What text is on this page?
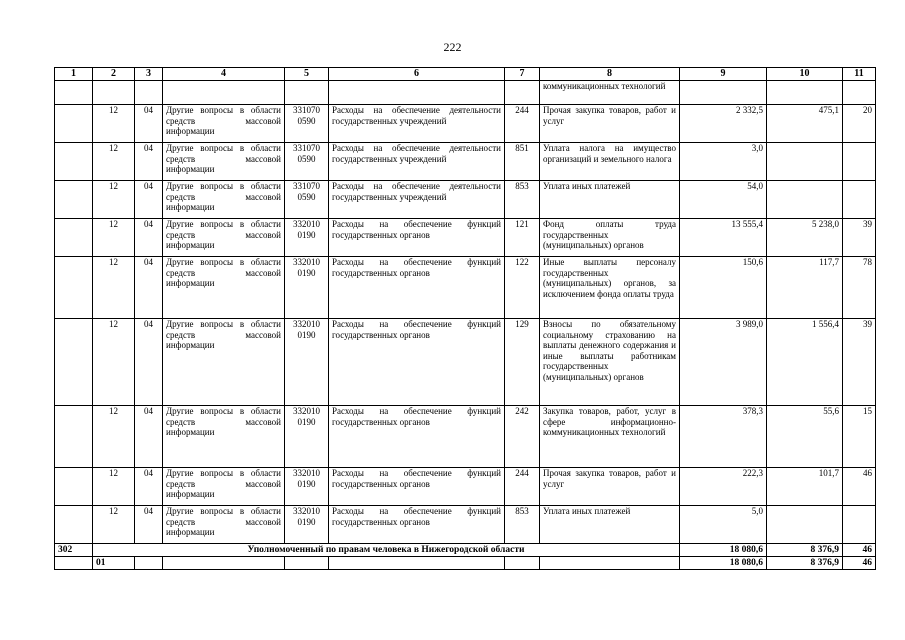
222
1	2	3	4	5	6	7	8	9	10	11
							коммуникационных технологий			
	12	04	Другие вопросы в области средств массовой информации	331070 0590	Расходы на обеспечение деятельности государственных учреждений	244	Прочая закупка товаров, работ и услуг	2 332,5	475,1	20
	12	04	Другие вопросы в области средств массовой информации	331070 0590	Расходы на обеспечение деятельности государственных учреждений	851	Уплата налога на имущество организаций и земельного налога	3,0		
	12	04	Другие вопросы в области средств массовой информации	331070 0590	Расходы на обеспечение деятельности государственных учреждений	853	Уплата иных платежей	54,0		
	12	04	Другие вопросы в области средств массовой информации	332010 0190	Расходы на обеспечение функций государственных органов	121	Фонд оплаты труда государственных (муниципальных) органов	13 555,4	5 238,0	39
	12	04	Другие вопросы в области средств массовой информации	332010 0190	Расходы на обеспечение функций государственных органов	122	Иные выплаты персоналу государственных (муниципальных) органов, за исключением фонда оплаты труда	150,6	117,7	78
	12	04	Другие вопросы в области средств массовой информации	332010 0190	Расходы на обеспечение функций государственных органов	129	Взносы по обязательному социальному страхованию на выплаты денежного содержания и иные выплаты работникам государственных (муниципальных) органов	3 989,0	1 556,4	39
	12	04	Другие вопросы в области средств массовой информации	332010 0190	Расходы на обеспечение функций государственных органов	242	Закупка товаров, работ, услуг в сфере информационно-коммуникационных технологий	378,3	55,6	15
	12	04	Другие вопросы в области средств массовой информации	332010 0190	Расходы на обеспечение функций государственных органов	244	Прочая закупка товаров, работ и услуг	222,3	101,7	46
	12	04	Другие вопросы в области средств массовой информации	332010 0190	Расходы на обеспечение функций государственных органов	853	Уплата иных платежей	5,0		
302	Уполномоченный по правам человека в Нижегородской области							18 080,6	8 376,9	46
	01							18 080,6	8 376,9	46
